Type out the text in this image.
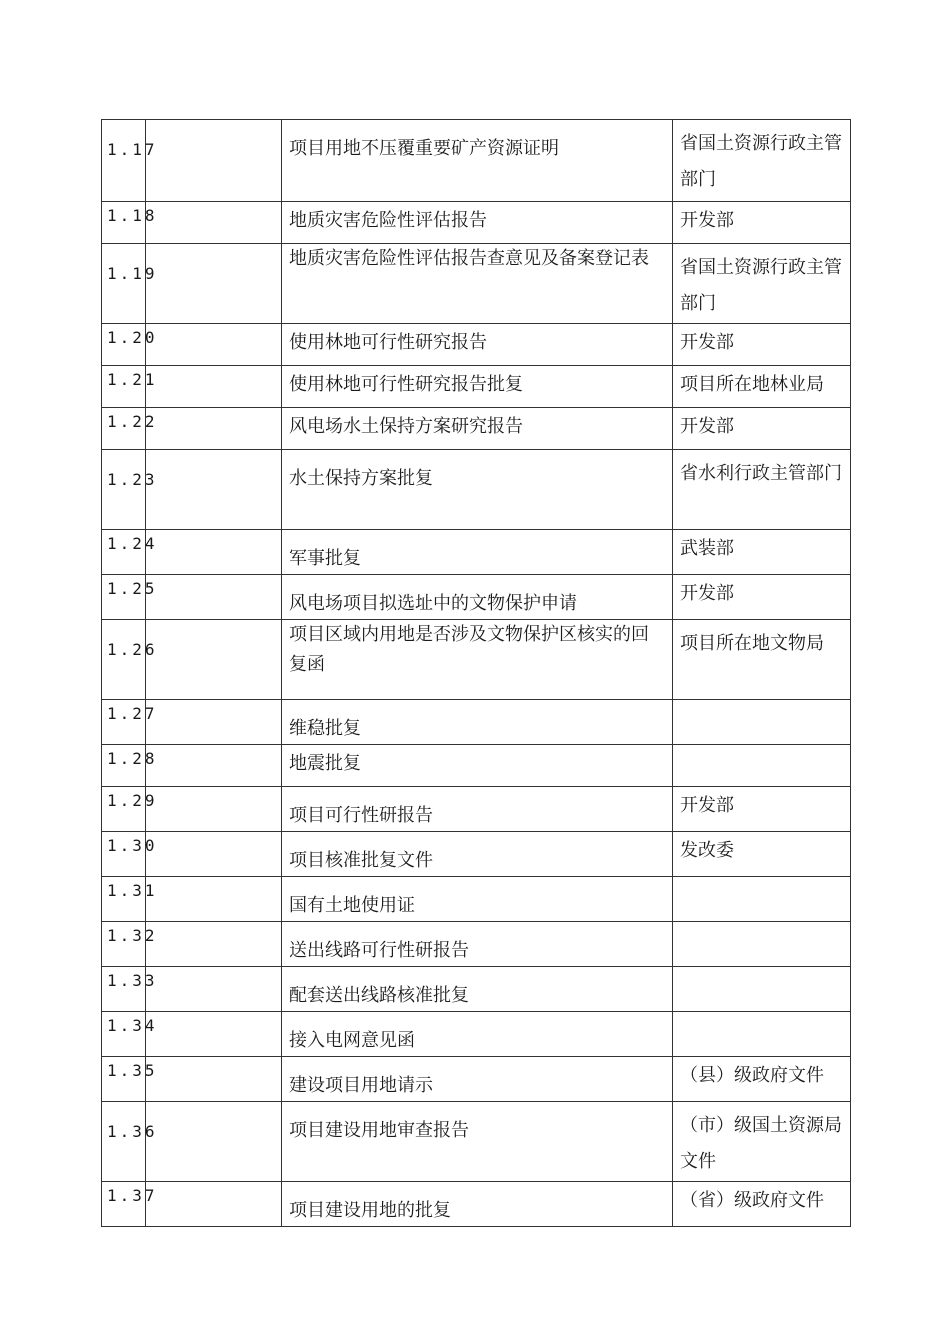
1.17		项目用地不压覆重要矿产资源证明	省国土资源行政主管部门

1.18		地质灾害危险性评估报告	开发部

1.19		地质灾害危险性评估报告查意见及备案登记表	省国土资源行政主管部门

1.20		使用林地可行性研究报告	开发部

1.21		使用林地可行性研究报告批复	项目所在地林业局

1.22		风电场水土保持方案研究报告	开发部

1.23		水土保持方案批复	省水利行政主管部门

1.24		军事批复	武装部

1.25		风电场项目拟选址中的文物保护申请	开发部

1.26		项目区域内用地是否涉及文物保护区核实的回复函	项目所在地文物局

1.27		维稳批复	

1.28		地震批复	

1.29		项目可行性研报告	开发部

1.30		项目核准批复文件	发改委

1.31		国有土地使用证	

1.32		送出线路可行性研报告	

1.33		配套送出线路核准批复	

1.34		接入电网意见函	

1.35		建设项目用地请示	（县）级政府文件

1.36		项目建设用地审查报告	（市）级国土资源局文件

1.37		项目建设用地的批复	（省）级政府文件
